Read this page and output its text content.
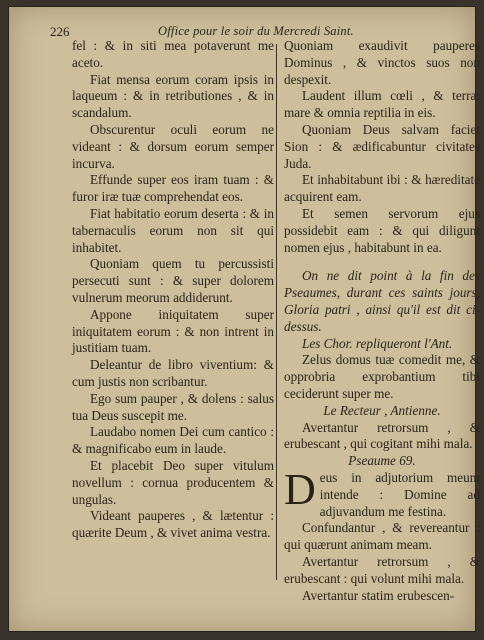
226	Office pour le soir du Mercredi Saint.

fel : & in siti mea potaverunt me aceto.

Fiat mensa eorum coram ipsis in laqueum : & in retributiones , & in scandalum.

Obscurentur oculi eorum ne videant : & dorsum eorum semper incurva.

Effunde super eos iram tuam : & furor iræ tuæ comprehendat eos.

Fiat habitatio eorum deserta : & in tabernaculis eorum non sit qui inhabitet.

Quoniam quem tu percussisti persecuti sunt : & super dolorem vulnerum meorum addiderunt.

Appone iniquitatem super iniquitatem eorum : & non intrent in justitiam tuam.

Deleantur de libro viventium: & cum justis non scribantur.

Ego sum pauper , & dolens : salus tua Deus suscepit me.

Laudabo nomen Dei cum cantico : & magnificabo eum in laude.

Et placebit Deo super vitulum novellum : cornua producentem & ungulas.

Videant pauperes , & lætentur : quærite Deum , & vivet anima vestra.

Quoniam exaudivit pauperes Dominus , & vinctos suos non despexit.

Laudent illum cœli , & terra: mare & omnia reptilia in eis.

Quoniam Deus salvam faciet Sion : & ædificabuntur civitates Juda.

Et inhabitabunt ibi : & hæreditate acquirent eam.

Et semen servorum ejus possidebit eam : & qui diligunt nomen ejus , habitabunt in ea.

On ne dit point à la fin des Pseaumes, durant ces saints jours, Gloria patri , ainsi qu'il est dit ci-dessus.

Les Chor. repliqueront l'Ant.

Zelus domus tuæ comedit me, & opprobria exprobantium tibi ceciderunt super me.

Le Recteur , Antienne.

Avertantur retrorsum , & erubescant , qui cogitant mihi mala.

Pseaume 69.

Deus in adjutorium meum intende : Domine ad adjuvandum me festina.

Confundantur , & revereantur : qui quærunt animam meam.

Avertantur retrorsum , & erubescant : qui volunt mihi mala.

Avertantur statim erubescen-
